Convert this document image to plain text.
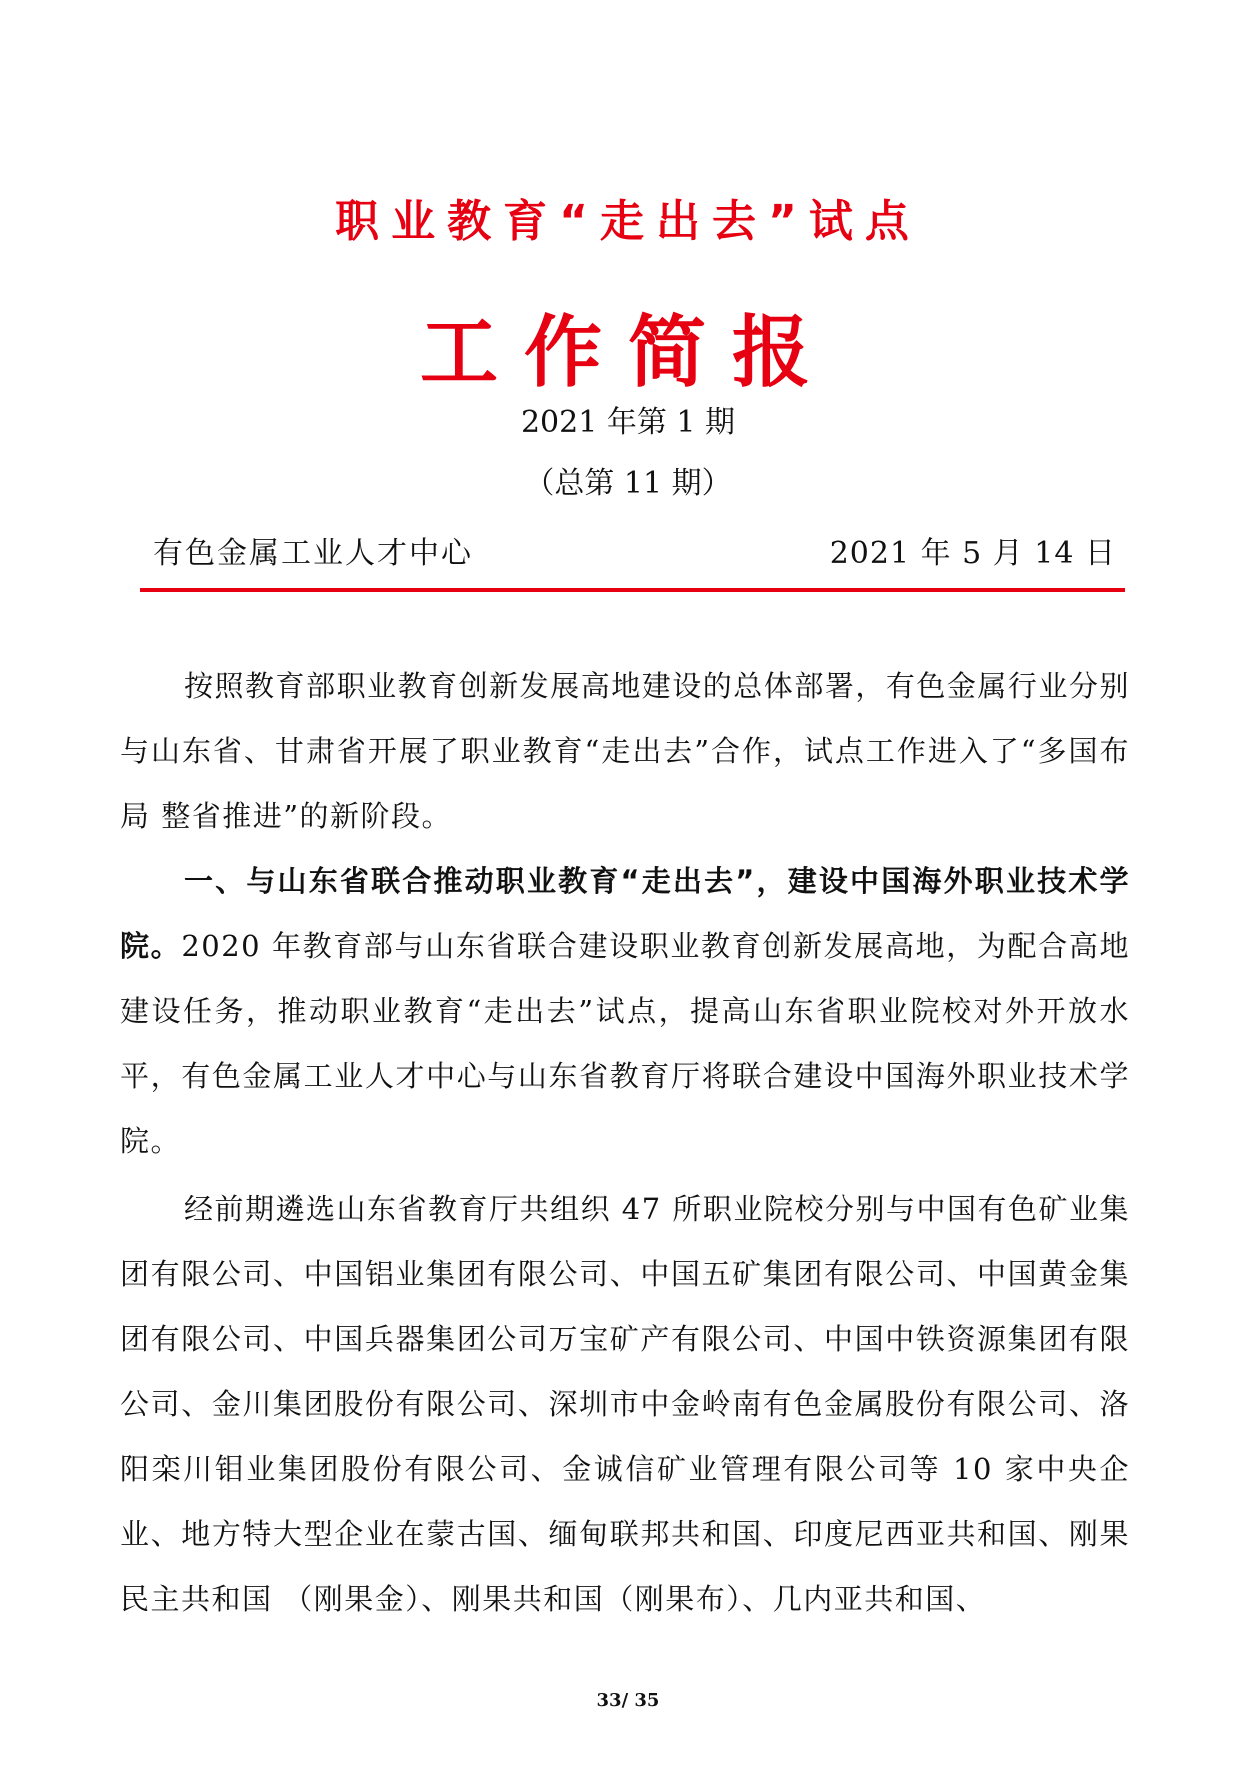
职业教育“走出去”试点
工作简报
2021 年第 1 期
（总第 11 期）
有色金属工业人才中心	2021 年 5 月 14 日
按照教育部职业教育创新发展高地建设的总体部署，有色金属行业分别与山东省、甘肃省开展了职业教育“走出去”合作，试点工作进入了“多国布局 整省推进”的新阶段。
一、与山东省联合推动职业教育“走出去”，建设中国海外职业技术学院。2020 年教育部与山东省联合建设职业教育创新发展高地，为配合高地建设任务，推动职业教育“走出去”试点，提高山东省职业院校对外开放水平，有色金属工业人才中心与山东省教育厅将联合建设中国海外职业技术学院。
经前期遴选山东省教育厅共组织 47 所职业院校分别与中国有色矿业集团有限公司、中国铝业集团有限公司、中国五矿集团有限公司、中国黄金集团有限公司、中国兵器集团公司万宝矿产有限公司、中国中铁资源集团有限公司、金川集团股份有限公司、深圳市中金岭南有色金属股份有限公司、洛阳栾川钼业集团股份有限公司、金诚信矿业管理有限公司等 10 家中央企业、地方特大型企业在蒙古国、缅甸联邦共和国、印度尼西亚共和国、刚果民主共和国 （刚果金）、刚果共和国（刚果布）、几内亚共和国、
33/ 35
